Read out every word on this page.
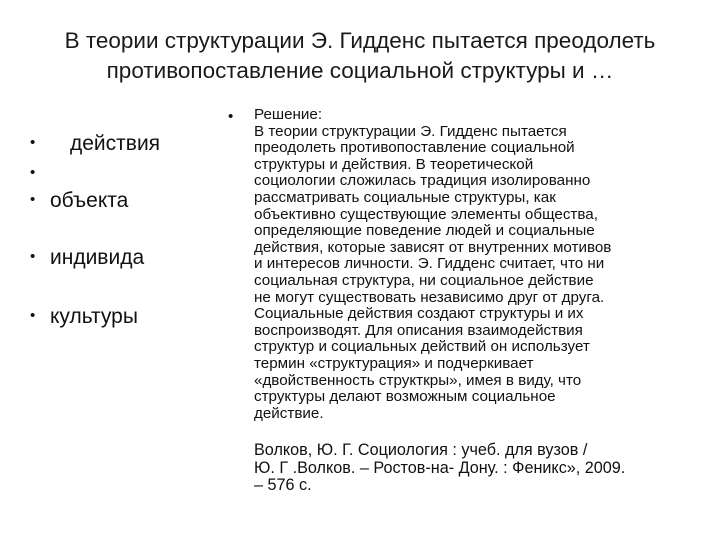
В теории структурации Э. Гидденс пытается преодолеть
противопоставление социальной структуры и …
• действия
•
• объекта
• индивида
• культуры
• Решение:
В теории структурации Э. Гидденс пытается
преодолеть противопоставление социальной
структуры и действия. В теоретической
социологии сложилась традиция изолированно
рассматривать социальные структуры, как
объективно существующие элементы общества,
определяющие поведение людей и социальные
действия, которые зависят от внутренних мотивов
и интересов личности. Э. Гидденс считает, что ни
социальная структура, ни социальное действие
не могут существовать независимо друг от друга.
Социальные действия создают структуры и их
воспроизводят. Для описания взаимодействия
структур и социальных действий он использует
термин «структурация» и подчеркивает
«двойственность структкры», имея в виду, что
структуры делают возможным социальное
действие.

Волков, Ю. Г. Социология : учеб. для вузов /
Ю. Г .Волков. – Ростов-на- Дону. : Феникс», 2009.
– 576 с.
